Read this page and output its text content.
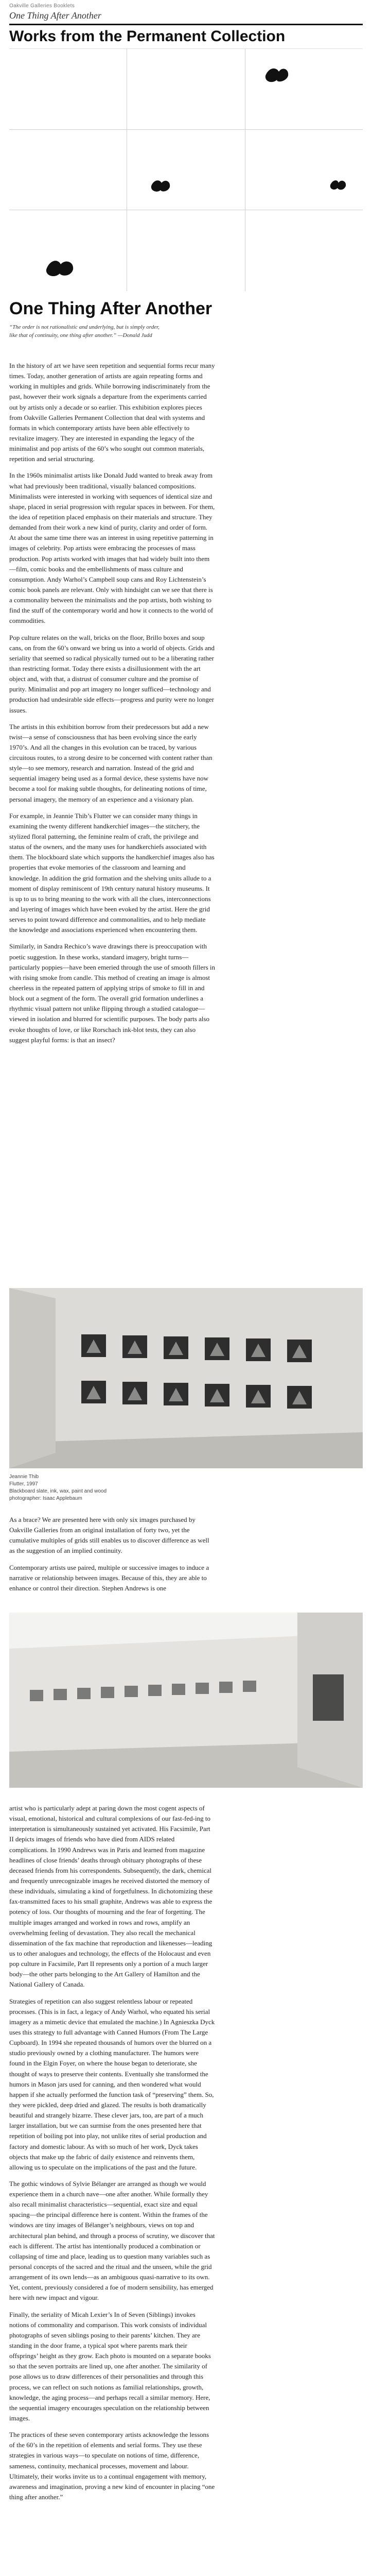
Oakville Galleries Booklets
One Thing After Another
Works from the Permanent Collection
One Thing After Another
“The order is not rationalistic and underlying, but is simply order, like that of continuity, one thing after another.” —Donald Judd

In the history of art we have seen repetition and sequential forms recur many times. Today, another generation of artists are again repeating forms and working in multiples and grids. While borrowing indiscriminately from the past, however their work signals a departure from the experiments carried out by artists only a decade or so earlier. This exhibition explores pieces from Oakville Galleries Permanent Collection that deal with systems and formats in which contemporary artists have been able effectively to revitalize imagery. They are interested in expanding the legacy of the minimalist and pop artists of the 60’s who sought out common materials, repetition and serial structuring.

In the 1960s minimalist artists like Donald Judd wanted to break away from what had previously been traditional, visually balanced compositions. Minimalists were interested in working with sequences of identical size and shape, placed in serial progression with regular spaces in between. For them, the idea of repetition placed emphasis on their materials and structure. They demanded from their work a new kind of purity, clarity and order of form. At about the same time there was an interest in using repetitive patterning in images of celebrity. Pop artists were embracing the processes of mass production. Pop artists worked with images that had widely built into them—film, comic books and the embellishments of mass culture and consumption. Andy Warhol’s Campbell soup cans and Roy Lichtenstein’s comic book panels are relevant. Only with hindsight can we see that there is a commonality between the minimalists and the pop artists, both wishing to find the stuff of the contemporary world and how it connects to the world of commodities.

Pop culture relates on the wall, bricks on the floor, Brillo boxes and soup cans, on from the 60’s onward we bring us into a world of objects. Grids and seriality that seemed so radical physically turned out to be a liberating rather than restricting format. Today there exists a disillusionment with the art object and, with that, a distrust of consumer culture and the promise of purity. Minimalist and pop art imagery no longer sufficed—technology and production had undesirable side effects—progress and purity were no longer issues.

The artists in this exhibition borrow from their predecessors but add a new twist—a sense of consciousness that has been evolving since the early 1970’s. And all the changes in this evolution can be traced, by various circuitous routes, to a strong desire to be concerned with content rather than style—to see memory, research and narration. Instead of the grid and sequential imagery being used as a formal device, these systems have now become a tool for making subtle thoughts, for delineating notions of time, personal imagery, the memory of an experience and a visionary plan.

For example, in Jeannie Thib’s Flutter we can consider many things in examining the twenty different handkerchief images—the stitchery, the stylized floral patterning, the feminine realm of craft, the privilege and status of the owners, and the many uses for handkerchiefs associated with them. The blockboard slate which supports the handkerchief images also has properties that evoke memories of the classroom and learning and knowledge. In addition the grid formation and the shelving units allude to a moment of display reminiscent of 19th century natural history museums. It is up to us to bring meaning to the work with all the clues, interconnections and layering of images which have been evoked by the artist. Here the grid serves to point toward difference and commonalities, and to help mediate the knowledge and associations experienced when encountering them.

Similarly, in Sandra Rechico’s wave drawings there is preoccupation with poetic suggestion. In these works, standard imagery, bright turns—particularly poppies—have been emeried through the use of smooth fillers in with rising smoke from candle. This method of creating an image is almost cheerless in the repeated pattern of applying strips of smoke to fill in and block out a segment of the form. The overall grid formation underlines a rhythmic visual pattern not unlike flipping through a studied catalogue—viewed in isolation and blurred for scientific purposes. The body parts also evoke thoughts of love, or like Rorschach ink-blot tests, they can also suggest playful forms: is that an insect?

Jeannie Thib
Flutter, 1997
Blackboard slate, ink, wax, paint and wood
photographer: Isaac Applebaum

As a brace? We are presented here with only six images purchased by Oakville Galleries from an original installation of forty two, yet the cumulative multiples of grids still enables us to discover difference as well as the suggestion of an implied continuity.

Contemporary artists use paired, multiple or successive images to induce a narrative or relationship between images. Because of this, they are able to enhance or control their direction. Stephen Andrews is one

artist who is particularly adept at paring down the most cogent aspects of visual, emotional, historical and cultural complexions of our fast-fed-ing to interpretation is simultaneously sustained yet activated. His Facsimile, Part II depicts images of friends who have died from AIDS related complications. In 1990 Andrews was in Paris and learned from magazine headlines of close friends’ deaths through obituary photographs of these deceased friends from his correspondents. Subsequently, the dark, chemical and frequently unrecognizable images he received distorted the memory of these individuals, simulating a kind of forgetfulness. In dichotomizing these fax-transmitted faces to his small graphite, Andrews was able to express the potency of loss. Our thoughts of mourning and the fear of forgetting. The multiple images arranged and worked in rows and rows, amplify an overwhelming feeling of devastation. They also recall the mechanical dissemination of the fax machine that reproduction and likenesses—leading us to other analogues and technology, the effects of the Holocaust and even pop culture in Facsimile, Part II represents only a portion of a much larger body—the other parts belonging to the Art Gallery of Hamilton and the National Gallery of Canada.

Strategies of repetition can also suggest relentless labour or repeated processes. (This is in fact, a legacy of Andy Warhol, who equated his serial imagery as a mimetic device that emulated the machine.) In Agnieszka Dyck uses this strategy to full advantage with Canned Humors (From The Large Cupboard). In 1994 she repeated thousands of humors over the blurred on a studio previously owned by a clothing manufacturer. The humors were found in the Elgin Foyer, on where the house began to deteriorate, she thought of ways to preserve their contents. Eventually she transformed the humors in Mason jars used for canning, and then wondered what would happen if she actually performed the function task of “preserving” them. So, they were pickled, deep dried and glazed. The results is both dramatically beautiful and strangely bizarre. These clever jars, too, are part of a much larger installation, but we can surmise from the ones presented here that repetition of boiling pot into play, not unlike rites of serial production and factory and domestic labour. As with so much of her work, Dyck takes objects that make up the fabric of daily existence and reinvents them, allowing us to speculate on the implications of the past and the future.

The gothic windows of Sylvie Bélanger are arranged as though we would experience them in a church nave—one after another. While formally they also recall minimalist characteristics—sequential, exact size and equal spacing—the principal difference here is content. Within the frames of the windows are tiny images of Bélanger’s neighbours, views on top and architectural plan behind, and through a process of scrutiny, we discover that each is different. The artist has intentionally produced a combination or collapsing of time and place, leading us to question many variables such as personal concepts of the sacred and the ritual and the unseen, while the grid arrangement of its own lends—as an ambiguous quasi-narrative to its own. Yet, content, previously considered a foe of modern sensibility, has emerged here with new impact and vigour.

Finally, the seriality of Micah Lexier’s In of Seven (Siblings) invokes notions of commonality and comparison. This work consists of individual photographs of seven siblings posing to their parents’ kitchen. They are standing in the door frame, a typical spot where parents mark their offsprings’ height as they grow. Each photo is mounted on a separate books so that the seven portraits are lined up, one after another. The similarity of pose allows us to draw differences of their personalities and through this process, we can reflect on such notions as familial relationships, growth, knowledge, the aging process—and perhaps recall a similar memory. Here, the sequential imagery encourages speculation on the relationship between images.

The practices of these seven contemporary artists acknowledge the lessons of the 60’s in the repetition of elements and serial forms. They use these strategies in various ways—to speculate on notions of time, difference, sameness, continuity, mechanical processes, movement and labour. Ultimately, their works invite us to a continual engagement with memory, awareness and imagination, proving a new kind of encounter in placing “one thing after another.”
